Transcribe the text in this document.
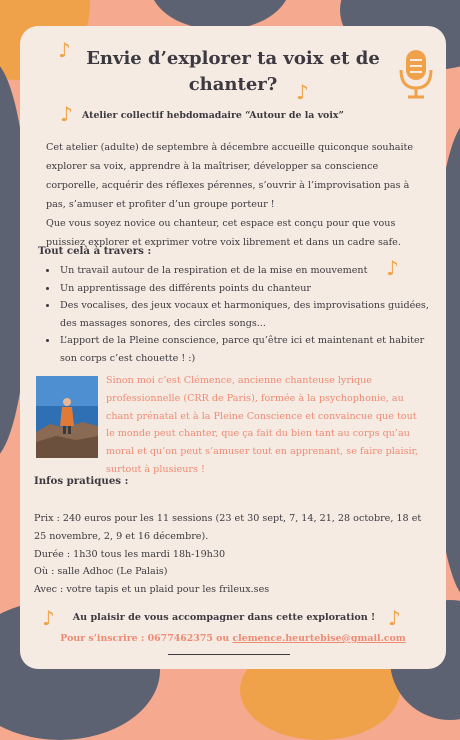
♪ Envie d’explorer ta voix et de chanter? ♪
♪ Atelier collectif hebdomadaire “Autour de la voix”

Cet atelier (adulte) de septembre à décembre accueille quiconque souhaite explorer sa voix, apprendre à la maîtriser, développer sa conscience corporelle, acquérir des réflexes pérennes, s’ouvrir à l’improvisation pas à pas, s’amuser et profiter d’un groupe porteur !

Que vous soyez novice ou chanteur, cet espace est conçu pour que vous puissiez explorer et exprimer votre voix librement et dans un cadre safe.

Tout celà à travers :
♪
• Un travail autour de la respiration et de la mise en mouvement
• Un apprentissage des différents points du chanteur
• Des vocalises, des jeux vocaux et harmoniques, des improvisations guidées, des massages sonores, des circles songs...
• L’apport de la Pleine conscience, parce qu’être ici et maintenant et habiter son corps c’est chouette ! :)
Sinon moi c’est Clémence, ancienne chanteuse lyrique professionnelle (CRR de Paris), formée à la psychophonie, au chant prénatal et à la Pleine Conscience et convaincue que tout le monde peut chanter, que ça fait du bien tant au corps qu’au moral et qu’on peut s’amuser tout en apprenant, se faire plaisir, surtout à plusieurs !
Infos pratiques :

Prix : 240 euros pour les 11 sessions (23 et 30 sept, 7, 14, 21, 28 octobre, 18 et 25 novembre, 2, 9 et 16 décembre).

Durée : 1h30 tous les mardi 18h-19h30

Où : salle Adhoc (Le Palais)

Avec : votre tapis et un plaid pour les frileux.ses

♪	Au plaisir de vous accompagner dans cette exploration ! ♪
Pour s’inscrire : 0677462375 ou clemence.heurtebise@gmail.com
